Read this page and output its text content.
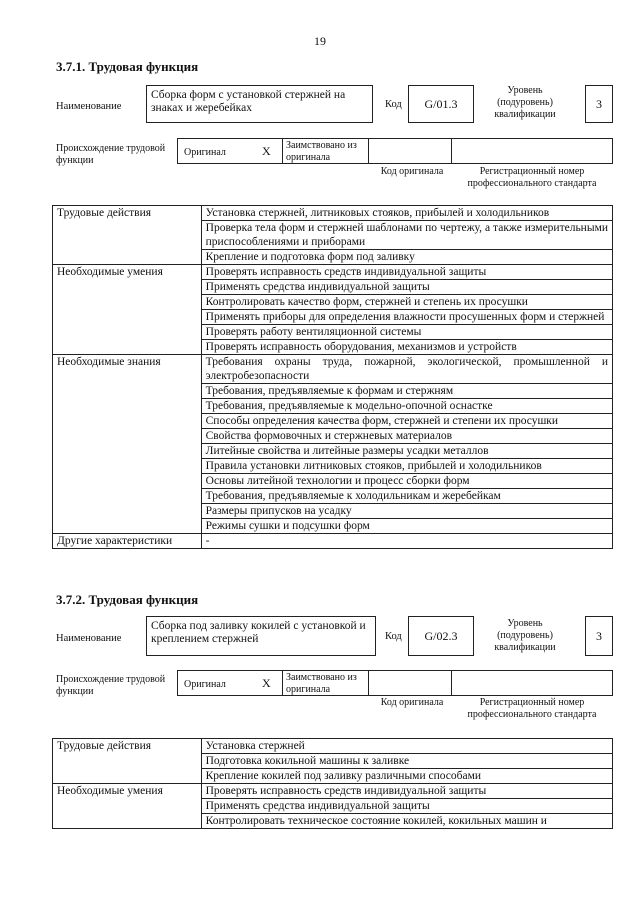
19
3.7.1. Трудовая функция
Наименование
Сборка форм с установкой стержней на знаках и жеребейках	Код	G/01.3
Уровень (подуровень) квалификации
3
Происхождение трудовой функции
Оригинал	X Заимствовано из оригинала
Код оригинала	Регистрационный номер профессионального стандарта
Трудовые действия	Установка стержней, литниковых стояков, прибылей и холодильников
	Проверка тела форм и стержней шаблонами по чертежу, а также измерительными приспособлениями и приборами
	Крепление и подготовка форм под заливку
Необходимые умения	Проверять исправность средств индивидуальной защиты
	Применять средства индивидуальной защиты
	Контролировать качество форм, стержней и степень их просушки
	Применять приборы для определения влажности просушенных форм и стержней
	Проверять работу вентиляционной системы
	Проверять исправность оборудования, механизмов и устройств
Необходимые знания	Требования охраны труда, пожарной, экологической, промышленной и электробезопасности
	Требования, предъявляемые к формам и стержням
	Требования, предъявляемые к модельно-опочной оснастке
	Способы определения качества форм, стержней и степени их просушки
	Свойства формовочных и стержневых материалов
	Литейные свойства и литейные размеры усадки металлов
	Правила установки литниковых стояков, прибылей и холодильников
	Основы литейной технологии и процесс сборки форм
	Требования, предъявляемые к холодильникам и жеребейкам
	Размеры припусков на усадку
	Режимы сушки и подсушки форм
Другие характеристики	-
3.7.2. Трудовая функция
Наименование
Сборка под заливку кокилей с установкой и креплением стержней	Код	G/02.3
Уровень (подуровень) квалификации
3
Происхождение трудовой функции
Оригинал	X Заимствовано из оригинала
Код оригинала	Регистрационный номер профессионального стандарта
Трудовые действия	Установка стержней
	Подготовка кокильной машины к заливке
	Крепление кокилей под заливку различными способами
Необходимые умения	Проверять исправность средств индивидуальной защиты
	Применять средства индивидуальной защиты
	Контролировать техническое состояние кокилей, кокильных машин и
